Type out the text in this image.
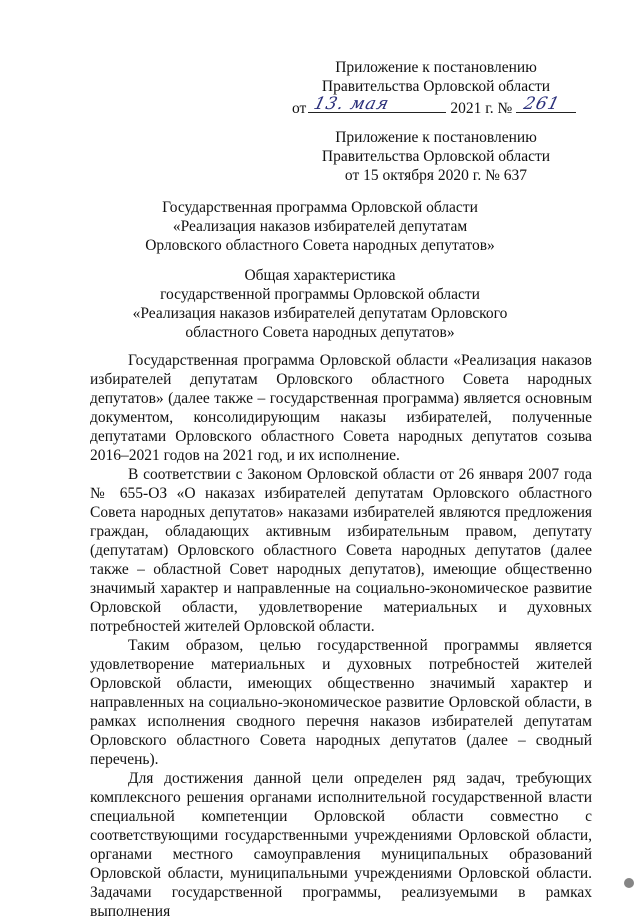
Приложение к постановлению
Правительства Орловской области
от 13. мая	2021 г. № 261
Приложение к постановлению
Правительства Орловской области
от 15 октября 2020 г. № 637
Государственная программа Орловской области
«Реализация наказов избирателей депутатам
Орловского областного Совета народных депутатов»
Общая характеристика
государственной программы Орловской области
«Реализация наказов избирателей депутатам Орловского
областного Совета народных депутатов»

Государственная программа Орловской области «Реализация наказов избирателей депутатам Орловского областного Совета народных депутатов» (далее также – государственная программа) является основным документом, консолидирующим наказы избирателей, полученные депутатами Орловского областного Совета народных депутатов созыва 2016–2021 годов на 2021 год, и их исполнение.

В соответствии с Законом Орловской области от 26 января 2007 года № 655-ОЗ «О наказах избирателей депутатам Орловского областного Совета народных депутатов» наказами избирателей являются предложения граждан, обладающих активным избирательным правом, депутату (депутатам) Орловского областного Совета народных депутатов (далее также – областной Совет народных депутатов), имеющие общественно значимый характер и направленные на социально-экономическое развитие Орловской области, удовлетворение материальных и духовных потребностей жителей Орловской области.

Таким образом, целью государственной программы является удовлетворение материальных и духовных потребностей жителей Орловской области, имеющих общественно значимый характер и направленных на социально-экономическое развитие Орловской области, в рамках исполнения сводного перечня наказов избирателей депутатам Орловского областного Совета народных депутатов (далее – сводный перечень).

Для достижения данной цели определен ряд задач, требующих комплексного решения органами исполнительной государственной власти специальной компетенции Орловской области совместно с соответствующими государственными учреждениями Орловской области, органами местного самоуправления муниципальных образований Орловской области, муниципальными учреждениями Орловской области. Задачами государственной программы, реализуемыми в рамках выполнения
